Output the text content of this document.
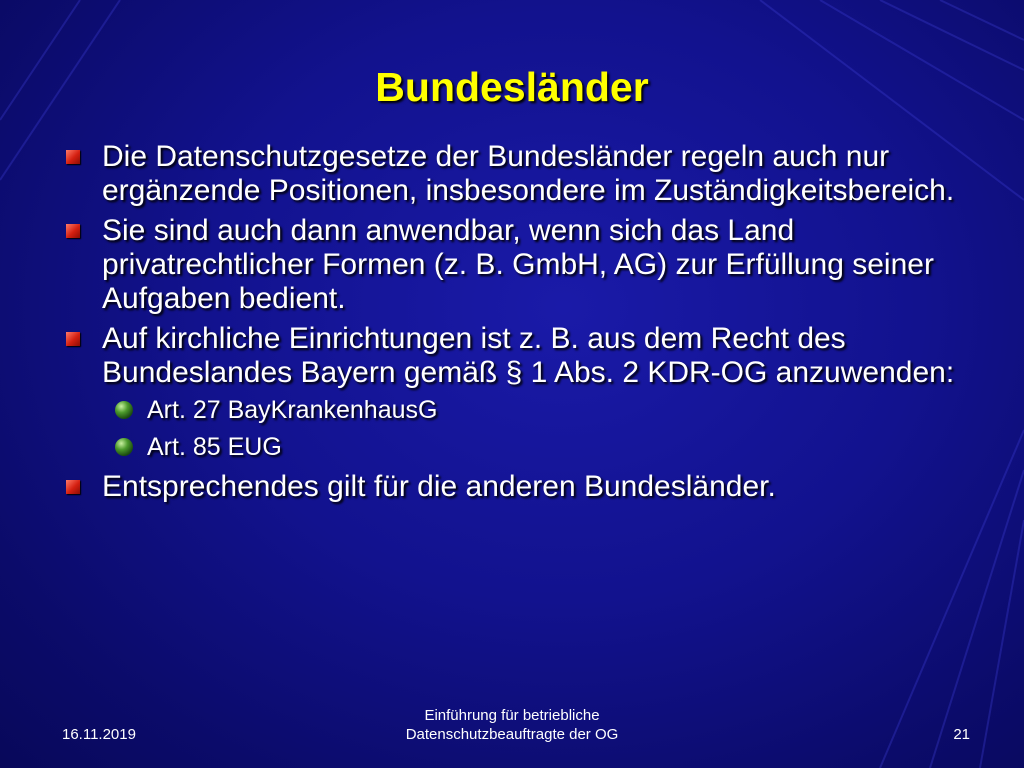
Bundesländer
Die Datenschutzgesetze der Bundesländer regeln auch nur ergänzende Positionen, insbesondere im Zuständigkeitsbereich.
Sie sind auch dann anwendbar, wenn sich das Land privatrechtlicher Formen (z. B. GmbH, AG) zur Erfüllung seiner Aufgaben bedient.
Auf kirchliche Einrichtungen ist z. B. aus dem Recht des Bundeslandes Bayern gemäß § 1 Abs. 2 KDR-OG anzuwenden:
Art. 27 BayKrankenhausG
Art. 85 EUG
Entsprechendes gilt für die anderen Bundesländer.
16.11.2019
Einführung für betriebliche
Datenschutzbeauftragte der OG	21
